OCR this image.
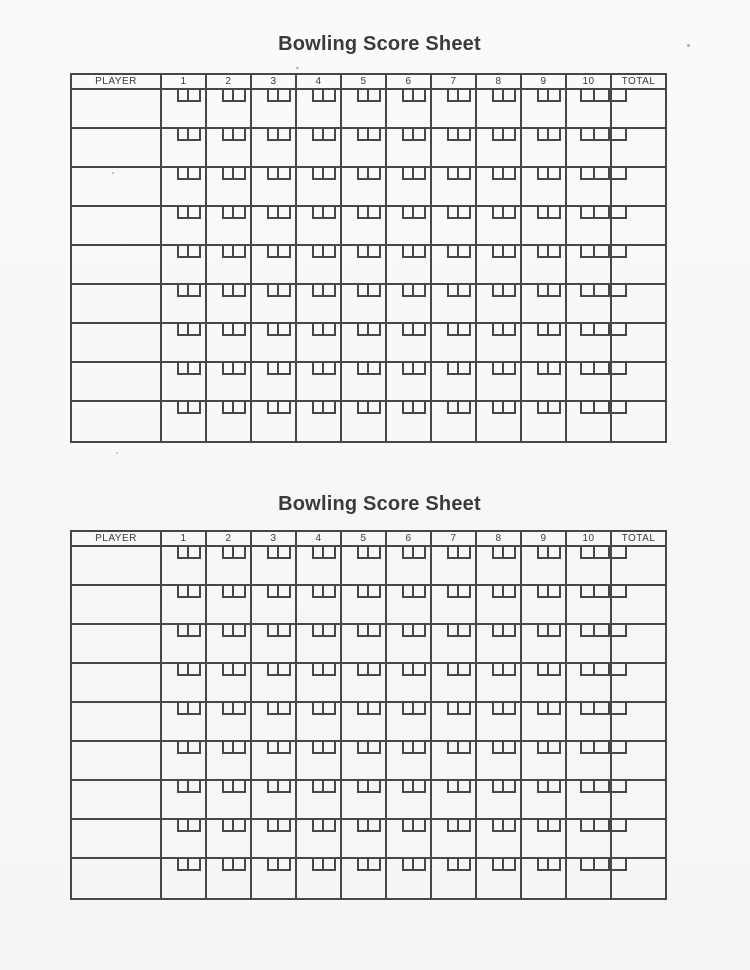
Bowling Score Sheet
PLAYER	1	2	3	4	5	6	7	8	9	10	TOTAL
Bowling Score Sheet
PLAYER	1	2	3	4	5	6	7	8	9	10	TOTAL
